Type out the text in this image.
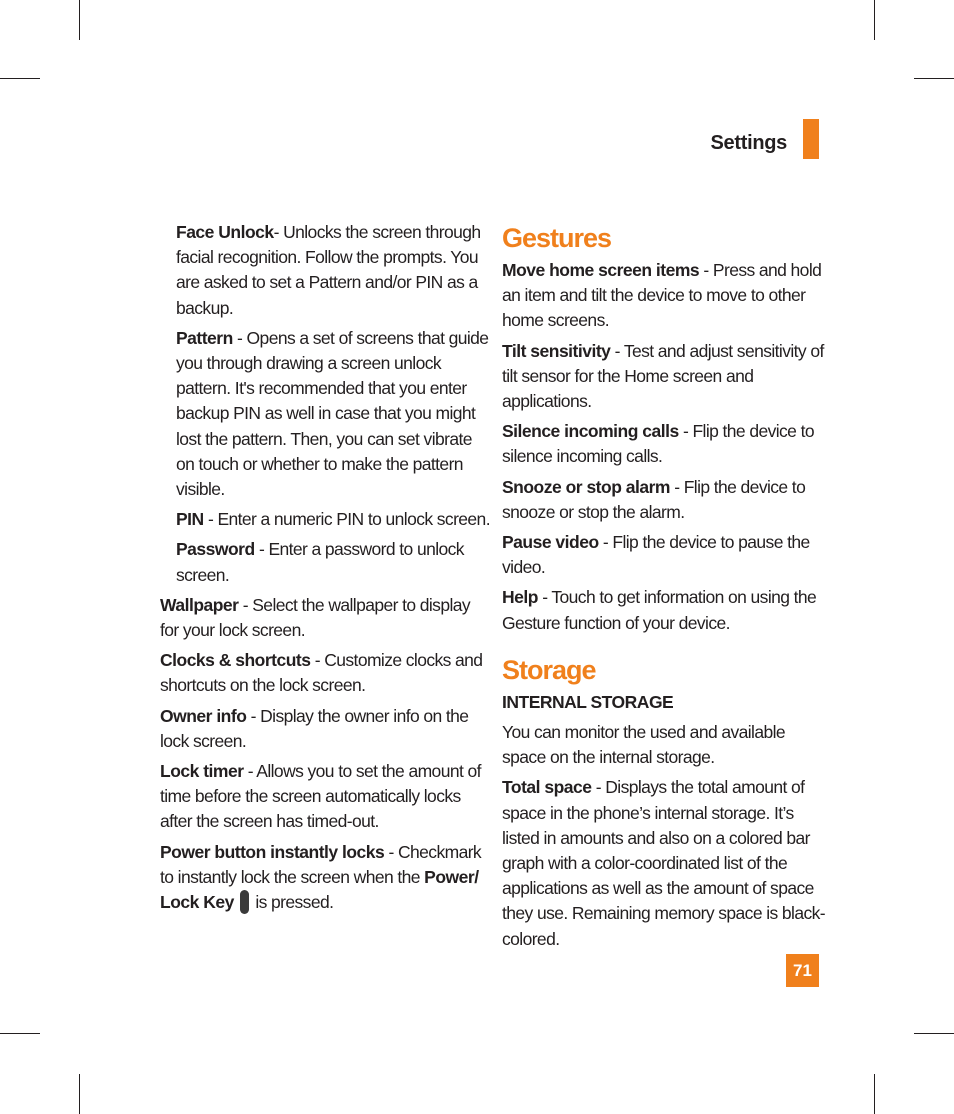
Settings

Face Unlock- Unlocks the screen through facial recognition. Follow the prompts. You are asked to set a Pattern and/or PIN as a backup.

Pattern - Opens a set of screens that guide you through drawing a screen unlock pattern. It's recommended that you enter backup PIN as well in case that you might lost the pattern. Then, you can set vibrate on touch or whether to make the pattern visible.

PIN - Enter a numeric PIN to unlock screen.

Password - Enter a password to unlock screen.

Wallpaper - Select the wallpaper to display for your lock screen.

Clocks & shortcuts - Customize clocks and shortcuts on the lock screen.

Owner info - Display the owner info on the lock screen.

Lock timer - Allows you to set the amount of time before the screen automatically locks after the screen has timed-out.

Power button instantly locks - Checkmark to instantly lock the screen when the Power/ Lock Key  is pressed.

Gestures

Move home screen items - Press and hold an item and tilt the device to move to other home screens.

Tilt sensitivity - Test and adjust sensitivity of tilt sensor for the Home screen and applications.

Silence incoming calls - Flip the device to silence incoming calls.

Snooze or stop alarm - Flip the device to snooze or stop the alarm.

Pause video - Flip the device to pause the video.

Help - Touch to get information on using the Gesture function of your device.

Storage

INTERNAL STORAGE

You can monitor the used and available space on the internal storage.

Total space - Displays the total amount of space in the phone’s internal storage. It’s listed in amounts and also on a colored bar graph with a color-coordinated list of the applications as well as the amount of space they use. Remaining memory space is black-colored.

71
